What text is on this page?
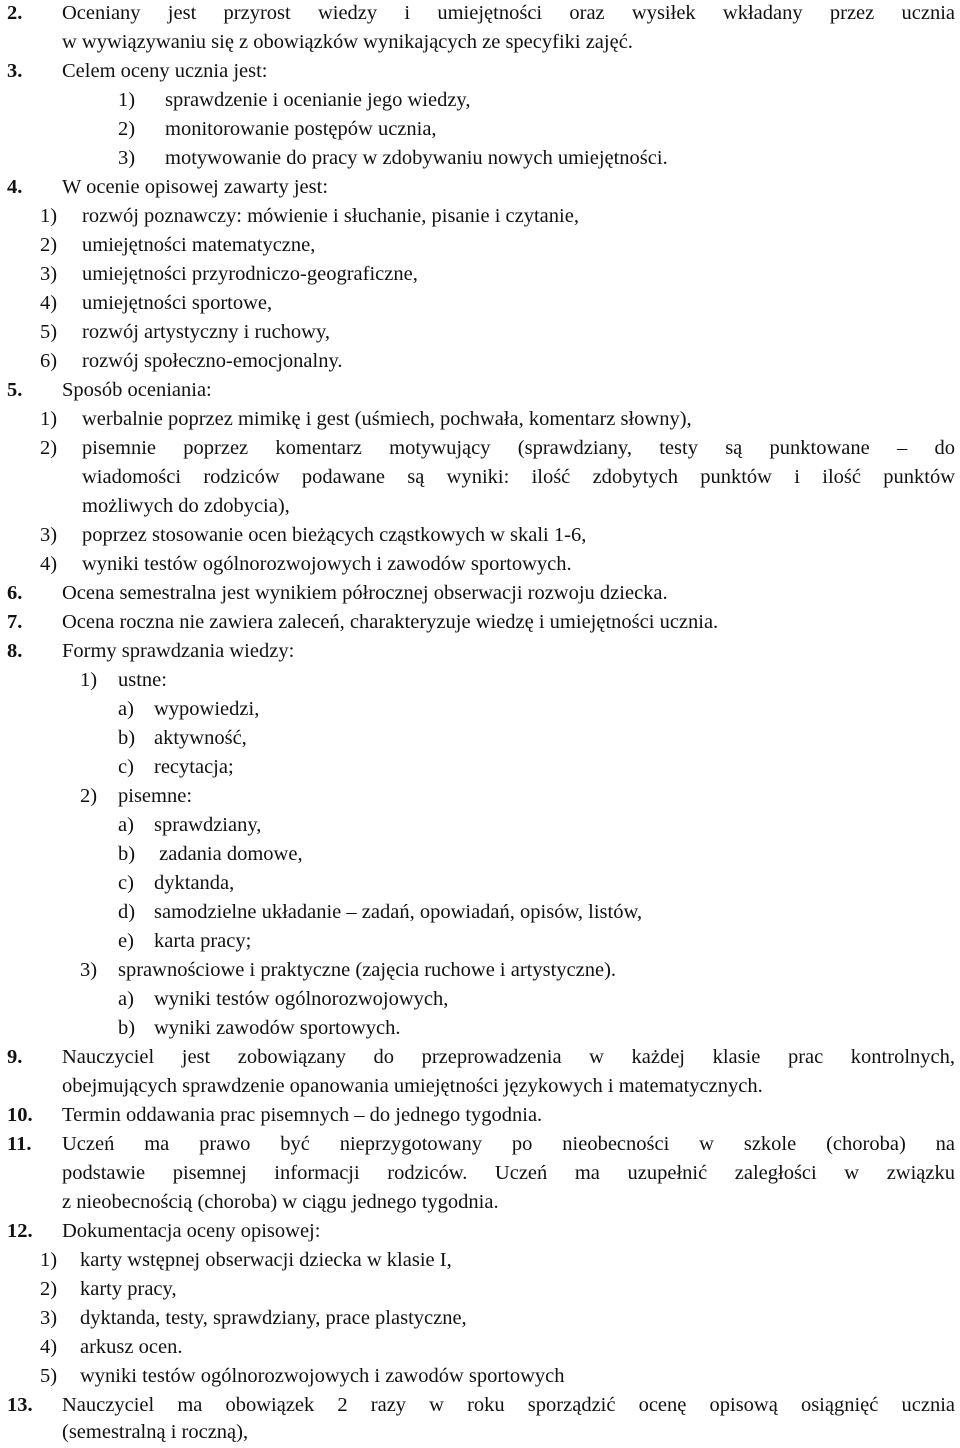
2. Oceniany jest przyrost wiedzy i umiejętności oraz wysiłek wkładany przez ucznia
w wywiązywaniu się z obowiązków wynikających ze specyfiki zajęć.
3. Celem oceny ucznia jest:
1) sprawdzenie i ocenianie jego wiedzy,
2) monitorowanie postępów ucznia,
3) motywowanie do pracy w zdobywaniu nowych umiejętności.
4. W ocenie opisowej zawarty jest:
1) rozwój poznawczy: mówienie i słuchanie, pisanie i czytanie,
2) umiejętności matematyczne,
3) umiejętności przyrodniczo-geograficzne,
4) umiejętności sportowe,
5) rozwój artystyczny i ruchowy,
6) rozwój społeczno-emocjonalny.
5. Sposób oceniania:
1) werbalnie poprzez mimikę i gest (uśmiech, pochwała, komentarz słowny),
2) pisemnie poprzez komentarz motywujący (sprawdziany, testy są punktowane – do
wiadomości rodziców podawane są wyniki: ilość zdobytych punktów i ilość punktów
możliwych do zdobycia),
3) poprzez stosowanie ocen bieżących cząstkowych w skali 1-6,
4) wyniki testów ogólnorozwojowych i zawodów sportowych.
6. Ocena semestralna jest wynikiem półrocznej obserwacji rozwoju dziecka.
7. Ocena roczna nie zawiera zaleceń, charakteryzuje wiedzę i umiejętności ucznia.
8. Formy sprawdzania wiedzy:
1) ustne:
a) wypowiedzi,
b) aktywność,
c) recytacja;
2) pisemne:
a) sprawdziany,
b) zadania domowe,
c) dyktanda,
d) samodzielne układanie – zadań, opowiadań, opisów, listów,
e) karta pracy;
3) sprawnościowe i praktyczne (zajęcia ruchowe i artystyczne).
a) wyniki testów ogólnorozwojowych,
b) wyniki zawodów sportowych.
9. Nauczyciel jest zobowiązany do przeprowadzenia w każdej klasie prac kontrolnych,
obejmujących sprawdzenie opanowania umiejętności językowych i matematycznych.
10. Termin oddawania prac pisemnych – do jednego tygodnia.
11. Uczeń ma prawo być nieprzygotowany po nieobecności w szkole (choroba) na
podstawie pisemnej informacji rodziców. Uczeń ma uzupełnić zaległości w związku
z nieobecnością (choroba) w ciągu jednego tygodnia.
12. Dokumentacja oceny opisowej:
1) karty wstępnej obserwacji dziecka w klasie I,
2) karty pracy,
3) dyktanda, testy, sprawdziany, prace plastyczne,
4) arkusz ocen.
5) wyniki testów ogólnorozwojowych i zawodów sportowych
13. Nauczyciel ma obowiązek 2 razy w roku sporządzić ocenę opisową osiągnięć ucznia
(semestralną i roczną),
